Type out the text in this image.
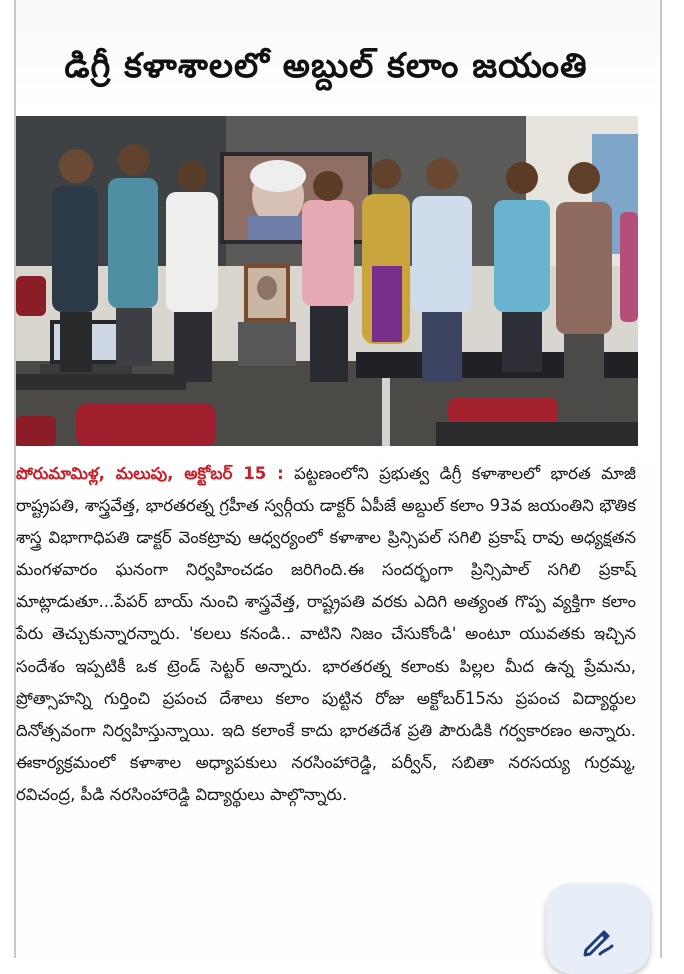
డిగ్రీ కళాశాలలో అబ్దుల్ కలాం జయంతి
పోరుమామిళ్ల, మలుపు, అక్టోబర్ 15 : పట్టణంలోని ప్రభుత్వ డిగ్రీ కళాశాలలో భారత మాజీ రాష్ట్రపతి, శాస్త్రవేత్త, భారతరత్న గ్రహీత స్వర్గీయ డాక్టర్ ఏపీజే అబ్దుల్ కలాం 93వ జయంతిని భౌతిక శాస్త్ర విభాగాధిపతి డాక్టర్ వెంకట్రావు ఆధ్వర్యంలో కళాశాల ప్రిన్సిపల్ సగిలి ప్రకాష్ రావు అధ్యక్షతన మంగళవారం ఘనంగా నిర్వహించడం జరిగింది.ఈ సందర్భంగా ప్రిన్సిపాల్ సగిలి ప్రకాష్ మాట్లాడుతూ...పేపర్ బాయ్ నుంచి శాస్త్రవేత్త, రాష్ట్రపతి వరకు ఎదిగి అత్యంత గొప్ప వ్యక్తిగా కలాం పేరు తెచ్చుకున్నారన్నారు. 'కలలు కనండి.. వాటిని నిజం చేసుకోండి' అంటూ యువతకు ఇచ్చిన సందేశం ఇప్పటికీ ఒక ట్రెండ్ సెట్టర్ అన్నారు. భారతరత్న కలాంకు పిల్లల మీద ఉన్న ప్రేమను, ప్రోత్సాహన్ని గుర్తించి ప్రపంచ దేశాలు కలాం పుట్టిన రోజు అక్టోబర్15ను ప్రపంచ విద్యార్థుల దినోత్సవంగా నిర్వహిస్తున్నాయి. ఇది కలాంకే కాదు భారతదేశ ప్రతి పౌరుడికి గర్వకారణం అన్నారు. ఈకార్యక్రమంలో కళాశాల అధ్యాపకులు నరసింహారెడ్డి, పర్వీన్, సబితా నరసయ్య గుర్రమ్మ, రవిచంద్ర, పీడి నరసింహారెడ్డి విద్యార్థులు పాల్గొన్నారు.
